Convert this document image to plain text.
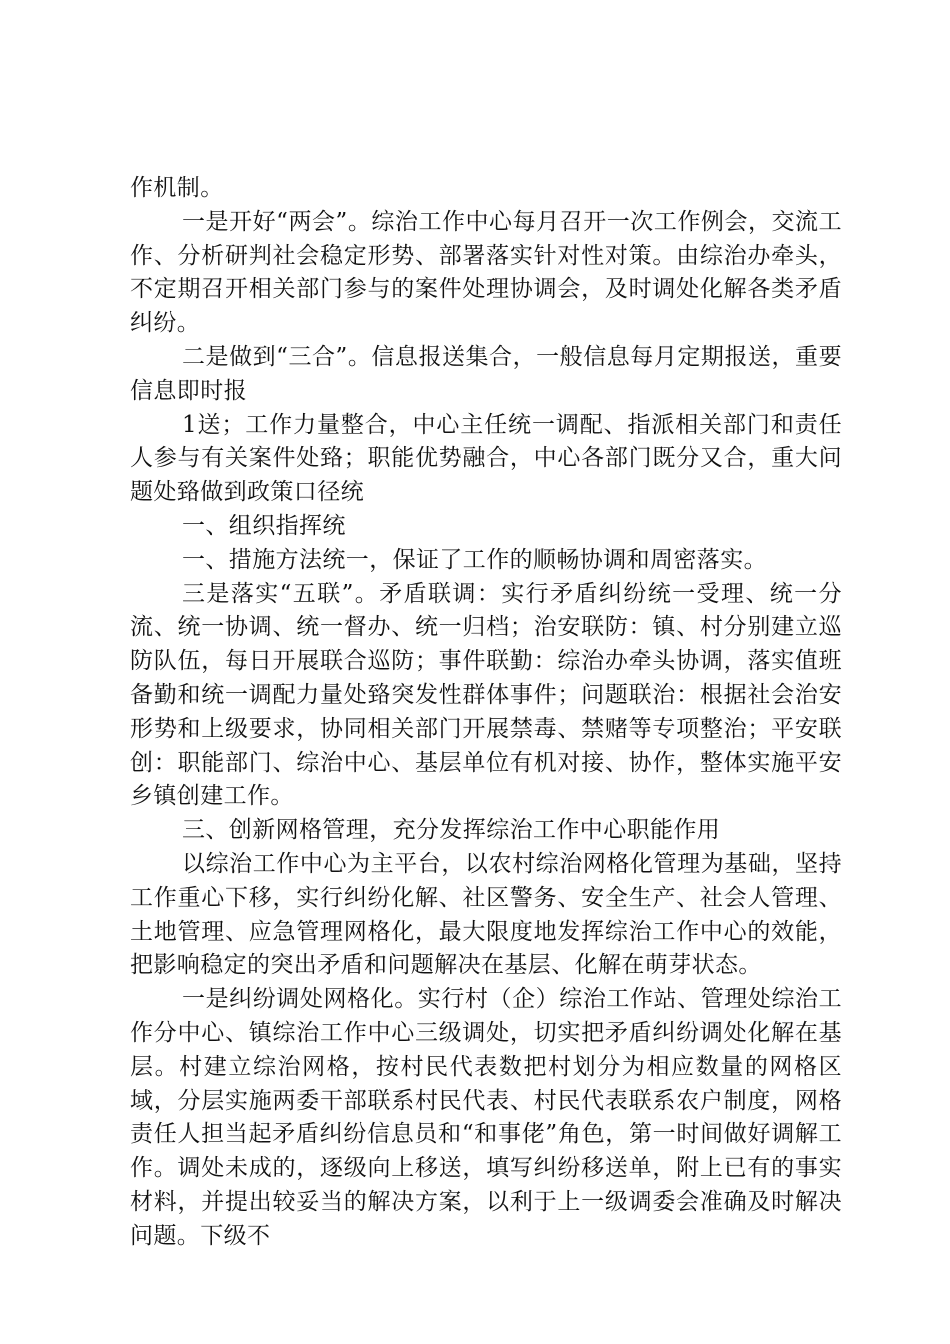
作机制。

一是开好“两会”。综治工作中心每月召开一次工作例会，交流工作、分析研判社会稳定形势、部署落实针对性对策。由综治办牵头，不定期召开相关部门参与的案件处理协调会，及时调处化解各类矛盾纠纷。

二是做到“三合”。信息报送集合，一般信息每月定期报送，重要信息即时报

1送；工作力量整合，中心主任统一调配、指派相关部门和责任人参与有关案件处臵；职能优势融合，中心各部门既分又合，重大问题处臵做到政策口径统

一、组织指挥统

一、措施方法统一，保证了工作的顺畅协调和周密落实。

三是落实“五联”。矛盾联调：实行矛盾纠纷统一受理、统一分流、统一协调、统一督办、统一归档；治安联防：镇、村分别建立巡防队伍，每日开展联合巡防；事件联勤：综治办牵头协调，落实值班备勤和统一调配力量处臵突发性群体事件；问题联治：根据社会治安形势和上级要求，协同相关部门开展禁毒、禁赌等专项整治；平安联创：职能部门、综治中心、基层单位有机对接、协作，整体实施平安乡镇创建工作。

三、创新网格管理，充分发挥综治工作中心职能作用

以综治工作中心为主平台，以农村综治网格化管理为基础，坚持工作重心下移，实行纠纷化解、社区警务、安全生产、社会人管理、土地管理、应急管理网格化，最大限度地发挥综治工作中心的效能，把影响稳定的突出矛盾和问题解决在基层、化解在萌芽状态。

一是纠纷调处网格化。实行村（企）综治工作站、管理处综治工作分中心、镇综治工作中心三级调处，切实把矛盾纠纷调处化解在基层。村建立综治网格，按村民代表数把村划分为相应数量的网格区域，分层实施两委干部联系村民代表、村民代表联系农户制度，网格责任人担当起矛盾纠纷信息员和“和事佬”角色，第一时间做好调解工作。调处未成的，逐级向上移送，填写纠纷移送单，附上已有的事实材料，并提出较妥当的解决方案，以利于上一级调委会准确及时解决问题。下级不
